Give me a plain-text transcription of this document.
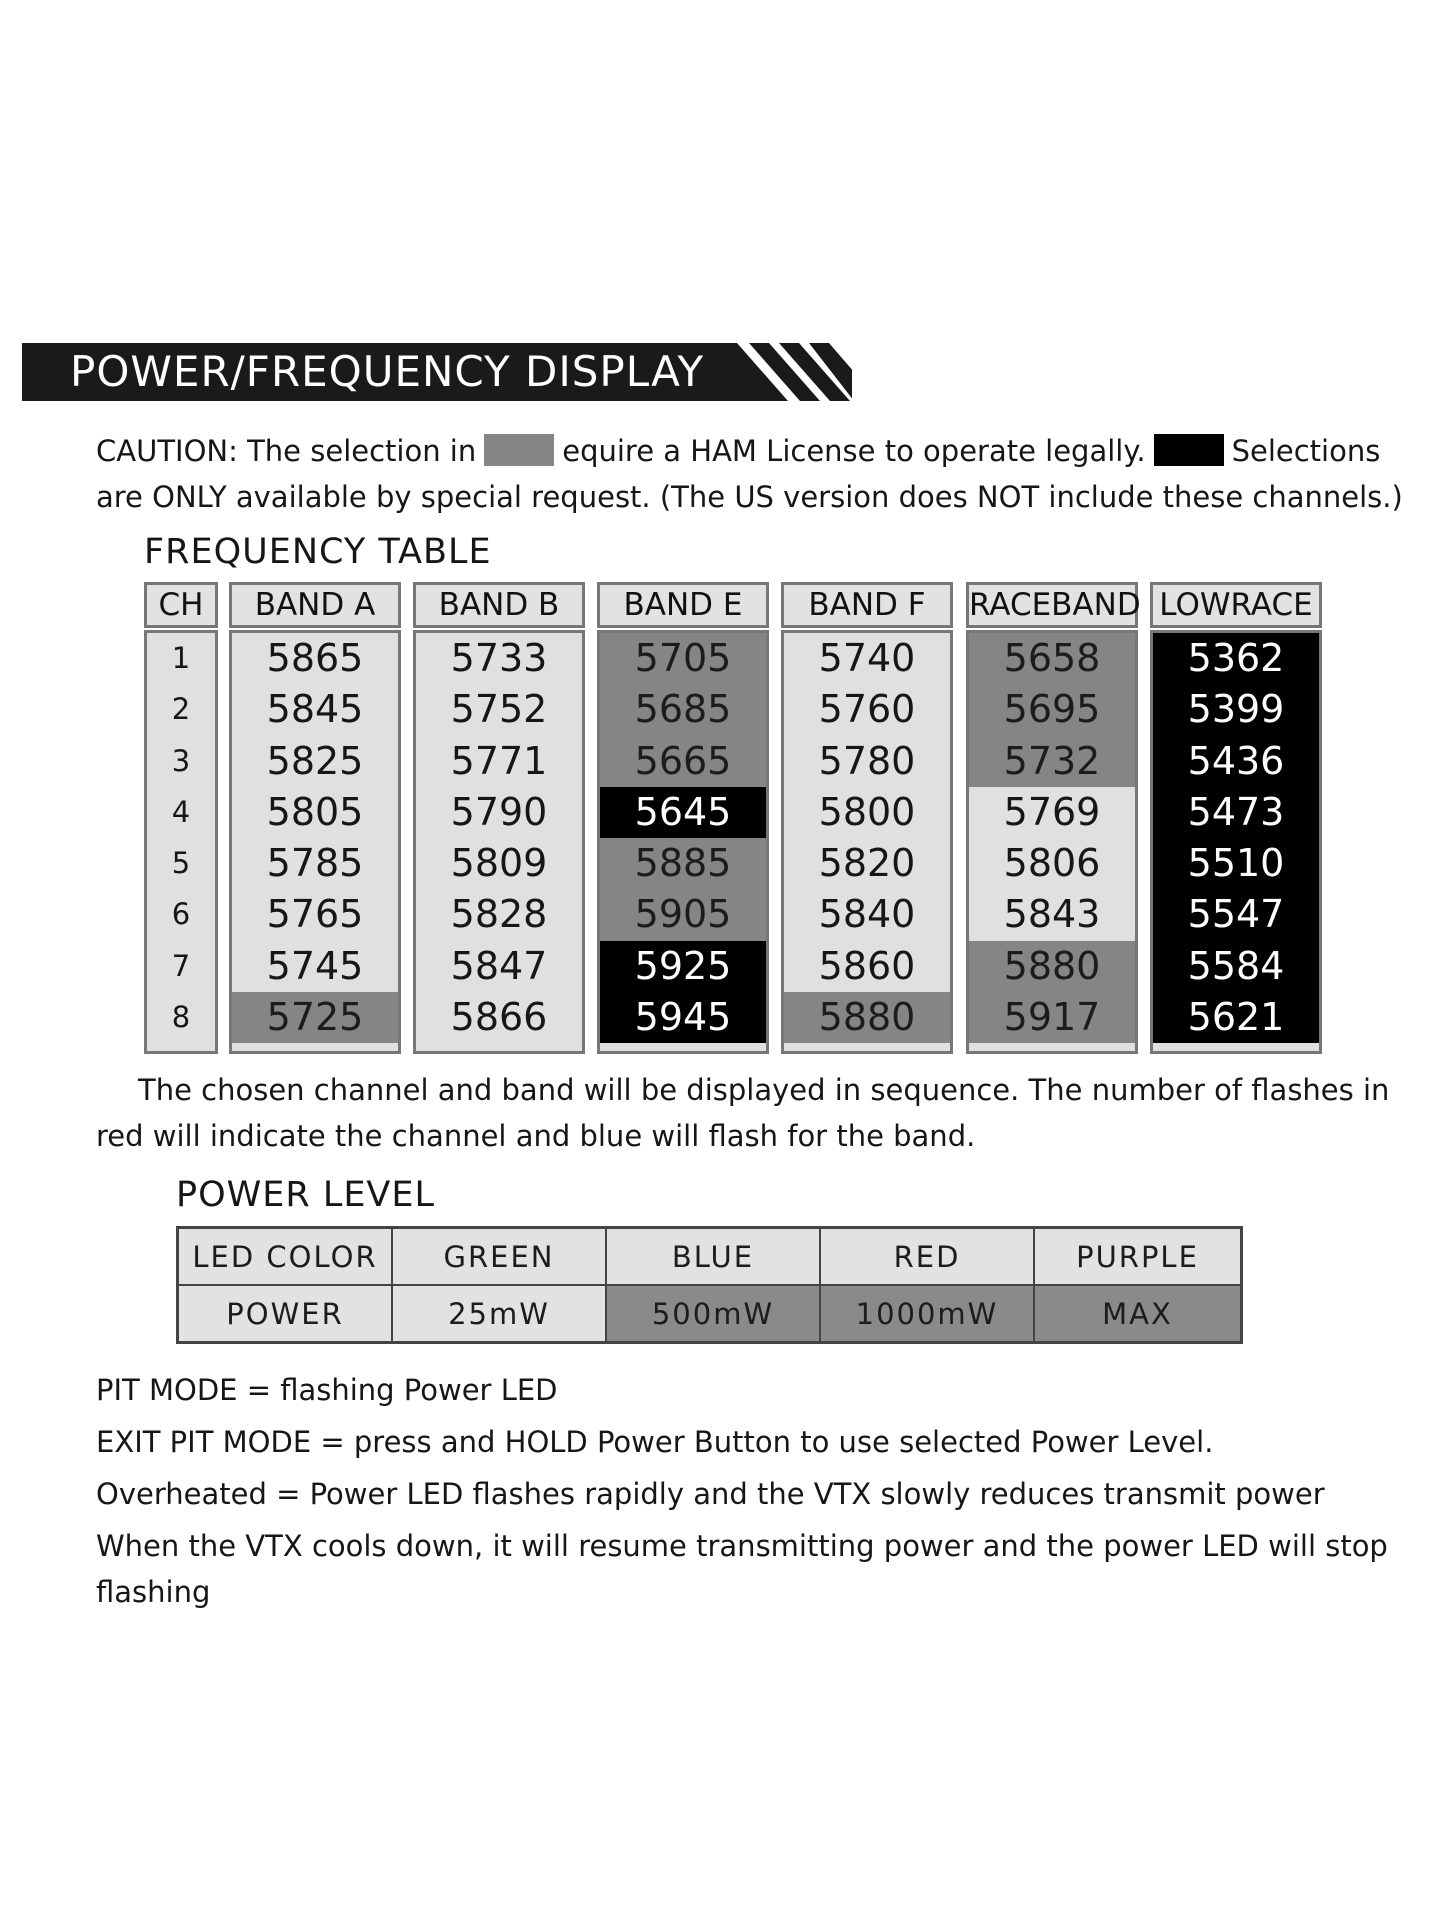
POWER/FREQUENCY DISPLAY
CAUTION: The selection in	equire a HAM License to operate legally.	Selections
are ONLY available by special request. (The US version does NOT include these channels.)
FREQUENCY TABLE
CH
1
2
3
4
5
6
7
8
BAND A
5865
5845
5825
5805
5785
5765
5745
5725
BAND B
5733
5752
5771
5790
5809
5828
5847
5866
BAND E
5705
5685
5665
5645
5885
5905
5925
5945
BAND F
5740
5760
5780
5800
5820
5840
5860
5880
RACEBAND
5658
5695
5732
5769
5806
5843
5880
5917
LOWRACE
5362
5399
5436
5473
5510
5547
5584
5621
The chosen channel and band will be displayed in sequence. The number of flashes in
red will indicate the channel and blue will flash for the band.
POWER LEVEL
LED COLOR
POWER
GREEN
25mW
BLUE
500mW
RED
1000mW
PURPLE
MAX
PIT MODE = flashing Power LED
EXIT PIT MODE = press and HOLD Power Button to use selected Power Level.
Overheated = Power LED flashes rapidly and the VTX slowly reduces transmit power
When the VTX cools down, it will resume transmitting power and the power LED will stop
flashing
